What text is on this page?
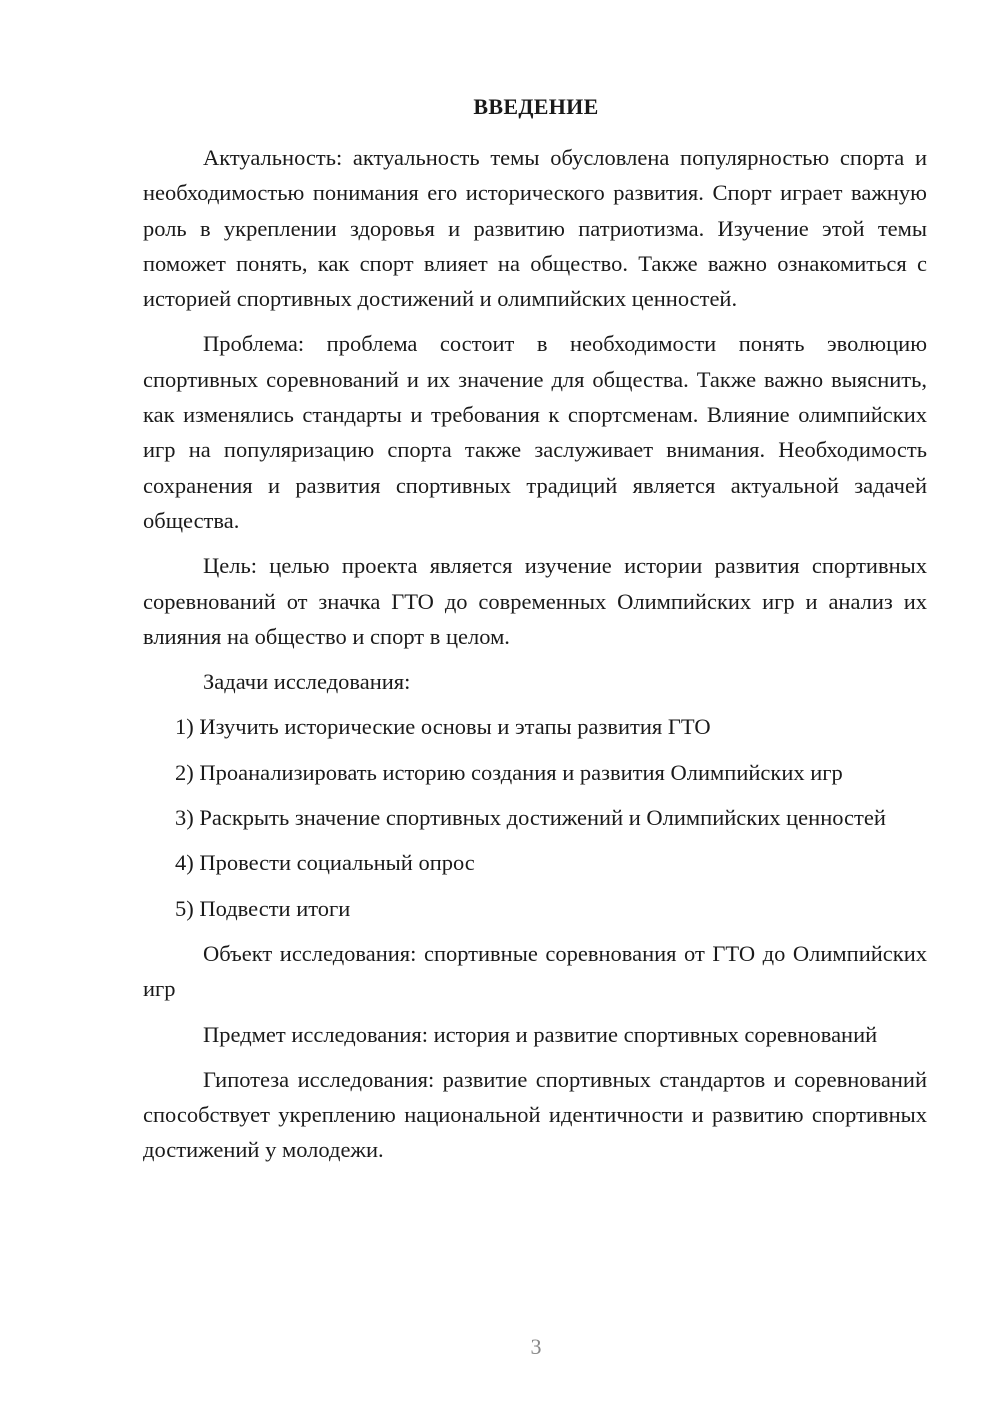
ВВЕДЕНИЕ

Актуальность: актуальность темы обусловлена популярностью спорта и необходимостью понимания его исторического развития. Спорт играет важную роль в укреплении здоровья и развитию патриотизма. Изучение этой темы поможет понять, как спорт влияет на общество. Также важно ознакомиться с историей спортивных достижений и олимпийских ценностей.

Проблема: проблема состоит в необходимости понять эволюцию спортивных соревнований и их значение для общества. Также важно выяснить, как изменялись стандарты и требования к спортсменам. Влияние олимпийских игр на популяризацию спорта также заслуживает внимания. Необходимость сохранения и развития спортивных традиций является актуальной задачей общества.

Цель: целью проекта является изучение истории развития спортивных соревнований от значка ГТО до современных Олимпийских игр и анализ их влияния на общество и спорт в целом.

Задачи исследования:

1) Изучить исторические основы и этапы развития ГТО

2) Проанализировать историю создания и развития Олимпийских игр

3) Раскрыть значение спортивных достижений и Олимпийских ценностей

4) Провести социальный опрос

5) Подвести итоги

Объект исследования: спортивные соревнования от ГТО до Олимпийских игр

Предмет исследования: история и развитие спортивных соревнований

Гипотеза исследования: развитие спортивных стандартов и соревнований способствует укреплению национальной идентичности и развитию спортивных достижений у молодежи.

3
